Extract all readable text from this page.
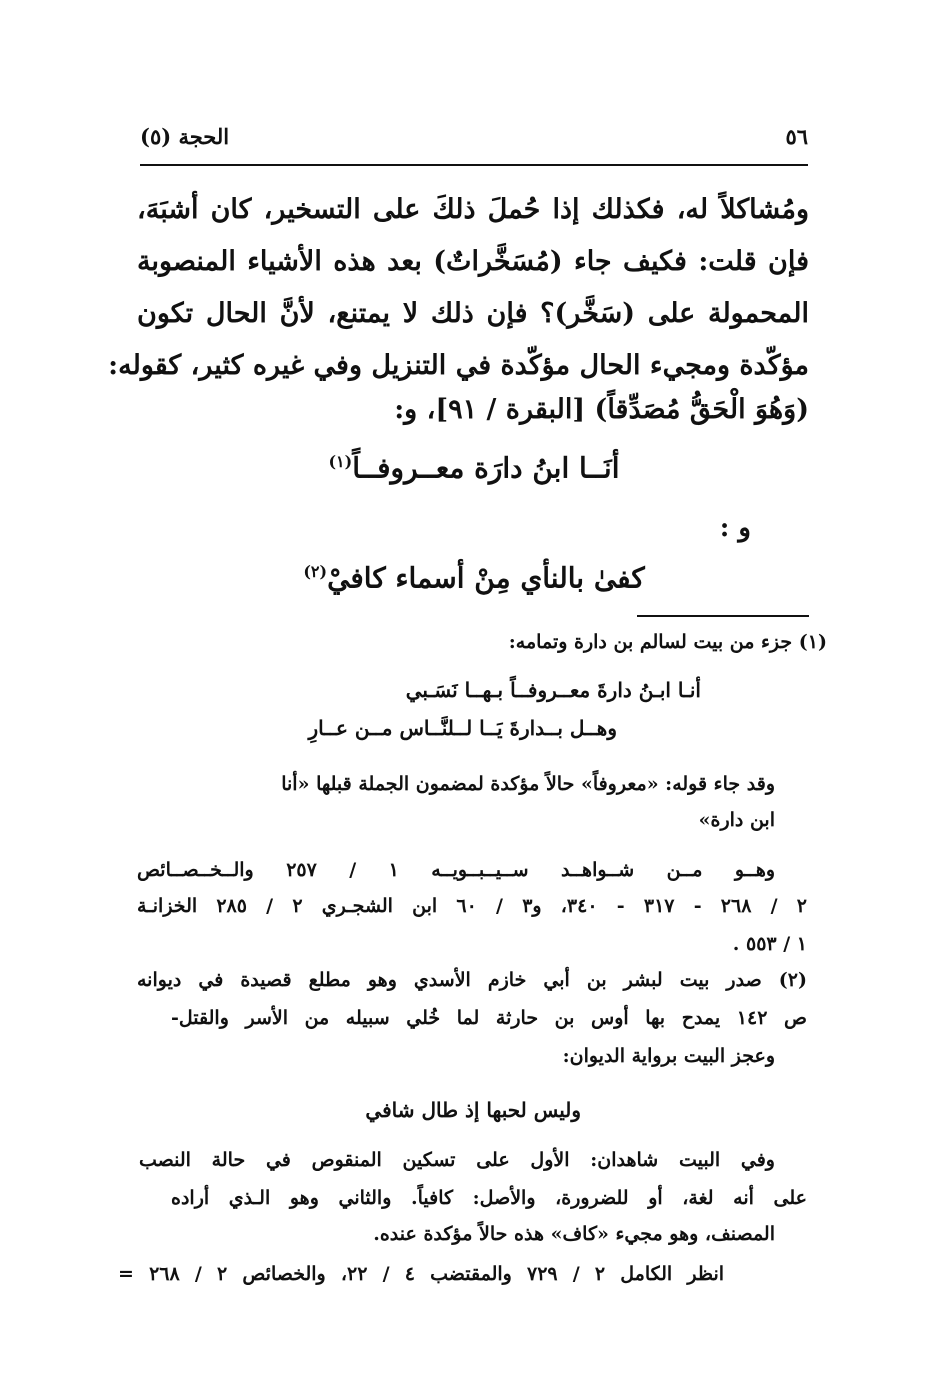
٥٦
الحجة (٥)
ومُشاكلاً له، فكذلك إذا حُملَ ذلكَ على التسخير، كان أشبَهَ،
فإن قلت: فكيف جاء (مُسَخَّراتٌ) بعد هذه الأشياء المنصوبة
المحمولة على (سَخَّر)؟ فإن ذلك لا يمتنع، لأنَّ الحال تكون
مؤكّدة ومجيء الحال مؤكّدة في التنزيل وفي غيره كثير، كقوله:
(وَهُوَ الْحَقُّ مُصَدِّقاً) [البقرة / ٩١]، و:
أنَــا ابنُ دارَة معــروفــاً$^{(١)}$
و :
كفىٰ بالنأي مِنْ أسماء كافيْ$^{(٢)}$
(١) جزء من بيت لسالم بن دارة وتمامه:
أنـا ابـنُ دارةَ معــروفــاً بـهــا نَسَـبي
وهــل بــدارةَ يَــا لــلنَّــاس مــن عــارِ
وقد جاء قوله: «معروفاً» حالاً مؤكدة لمضمون الجملة قبلها «أنا
ابن دارة»
وهــو مــن شــواهــد ســيــبــويــه ١ / ٢٥٧ والــخــصــائص
٢ / ٢٦٨ - ٣١٧ - ٣٤٠، و٣ / ٦٠ ابن الشجـري ٢ / ٢٨٥ الخزانـة
١ / ٥٥٣ .
(٢) صدر بيت لبشر بن أبي خازم الأسدي وهو مطلع قصيدة في ديوانه
ص ١٤٢ يمدح بها أوس بن حارثة لما خُلي سبيله من الأسر والقتل-
وعجز البيت برواية الديوان:
وليس لحبها إذ طال شافي
وفي البيت شاهدان: الأول على تسكين المنقوص في حالة النصب
على أنه لغة، أو للضرورة، والأصل: كافياً. والثاني وهو الـذي أراده
المصنف، وهو مجيء «كاف» هذه حالاً مؤكدة عنده.
انظر الكامل ٢ / ٧٢٩ والمقتضب ٤ / ٢٢، والخصائص ٢ / ٢٦٨ =
